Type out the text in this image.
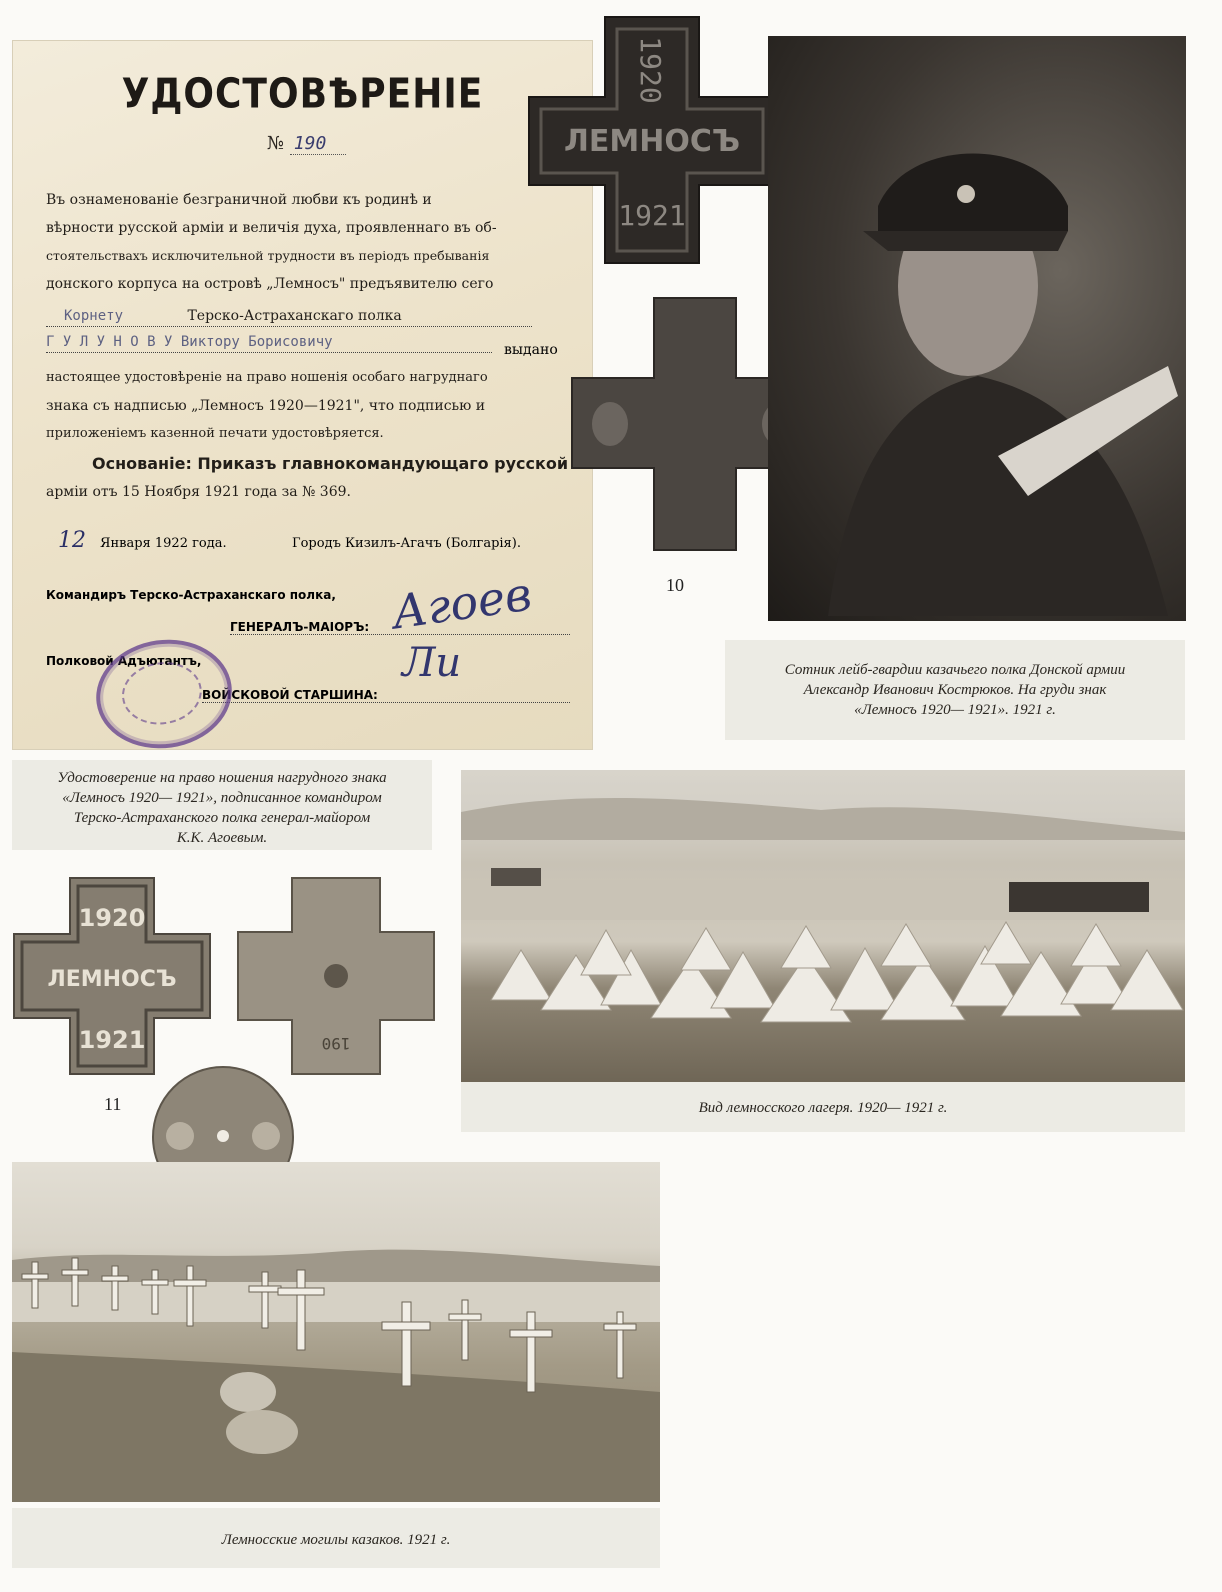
УДОСТОВѢРЕНIЕ
№ 190
Въ ознаменованіе безграничной любви къ родинѣ и
вѣрности русской арміи и величія духа, проявленнаго въ об-
стоятельствахъ исключительной трудности въ періодъ пребыванія
донского корпуса на островѣ „Лемносъ" предъявителю сего
Корнету	Терско-Астраханскаго полка
Г У Л У Н О В У Виктору Борисовичу	выдано
настоящее удостовѣреніе на право ношенія особаго нагруднаго
знака съ надписью „Лемносъ 1920—1921", что подписью и
приложеніемъ казенной печати удостовѣряется.
Основаніе: Приказъ главнокомандующаго русской
арміи отъ 15 Ноября 1921 года за № 369.
12 Января 1922 года.	Городъ Кизилъ-Агачъ (Болгарія).
Командиръ Терско-Астраханскаго полка,
ГЕНЕРАЛЪ-МАIОРЪ:
Полковой Адъютантъ,
ВОЙСКОВОЙ СТАРШИНА:
Агоев
Ли
1920
ЛЕМНОСЪ
1921
10
Сотник лейб-гвардии казачьего полка Донской армии
Александр Иванович Кострюков. На груди знак
«Лемносъ 1920— 1921». 1921 г.
Удостоверение на право ношения нагрудного знака
«Лемносъ 1920— 1921», подписанное командиром
Терско-Астраханского полка генерал-майором
К.К. Агоевым.
Вид лемносского лагеря. 1920— 1921 г.
1920
ЛЕМНОСЪ
1921	190
11
Лемносские могилы казаков. 1921 г.
